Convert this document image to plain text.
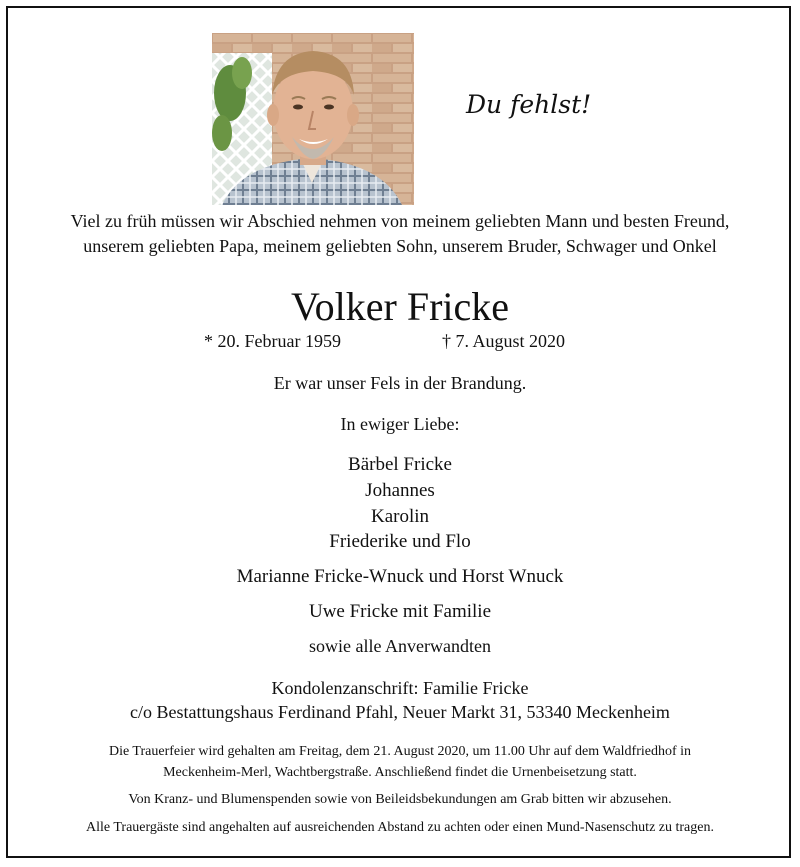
Du fehlst!
Viel zu früh müssen wir Abschied nehmen von meinem geliebten Mann und besten Freund,
unserem geliebten Papa, meinem geliebten Sohn, unserem Bruder, Schwager und Onkel
Volker Fricke
* 20. Februar 1959	† 7. August 2020
Er war unser Fels in der Brandung.
In ewiger Liebe:
Bärbel Fricke
Johannes
Karolin
Friederike und Flo
Marianne Fricke-Wnuck und Horst Wnuck
Uwe Fricke mit Familie
sowie alle Anverwandten
Kondolenzanschrift: Familie Fricke
c/o Bestattungshaus Ferdinand Pfahl, Neuer Markt 31, 53340 Meckenheim
Die Trauerfeier wird gehalten am Freitag, dem 21. August 2020, um 11.00 Uhr auf dem Waldfriedhof in
Meckenheim-Merl, Wachtbergstraße. Anschließend findet die Urnenbeisetzung statt.
Von Kranz- und Blumenspenden sowie von Beileidsbekundungen am Grab bitten wir abzusehen.
Alle Trauergäste sind angehalten auf ausreichenden Abstand zu achten oder einen Mund-Nasenschutz zu tragen.
